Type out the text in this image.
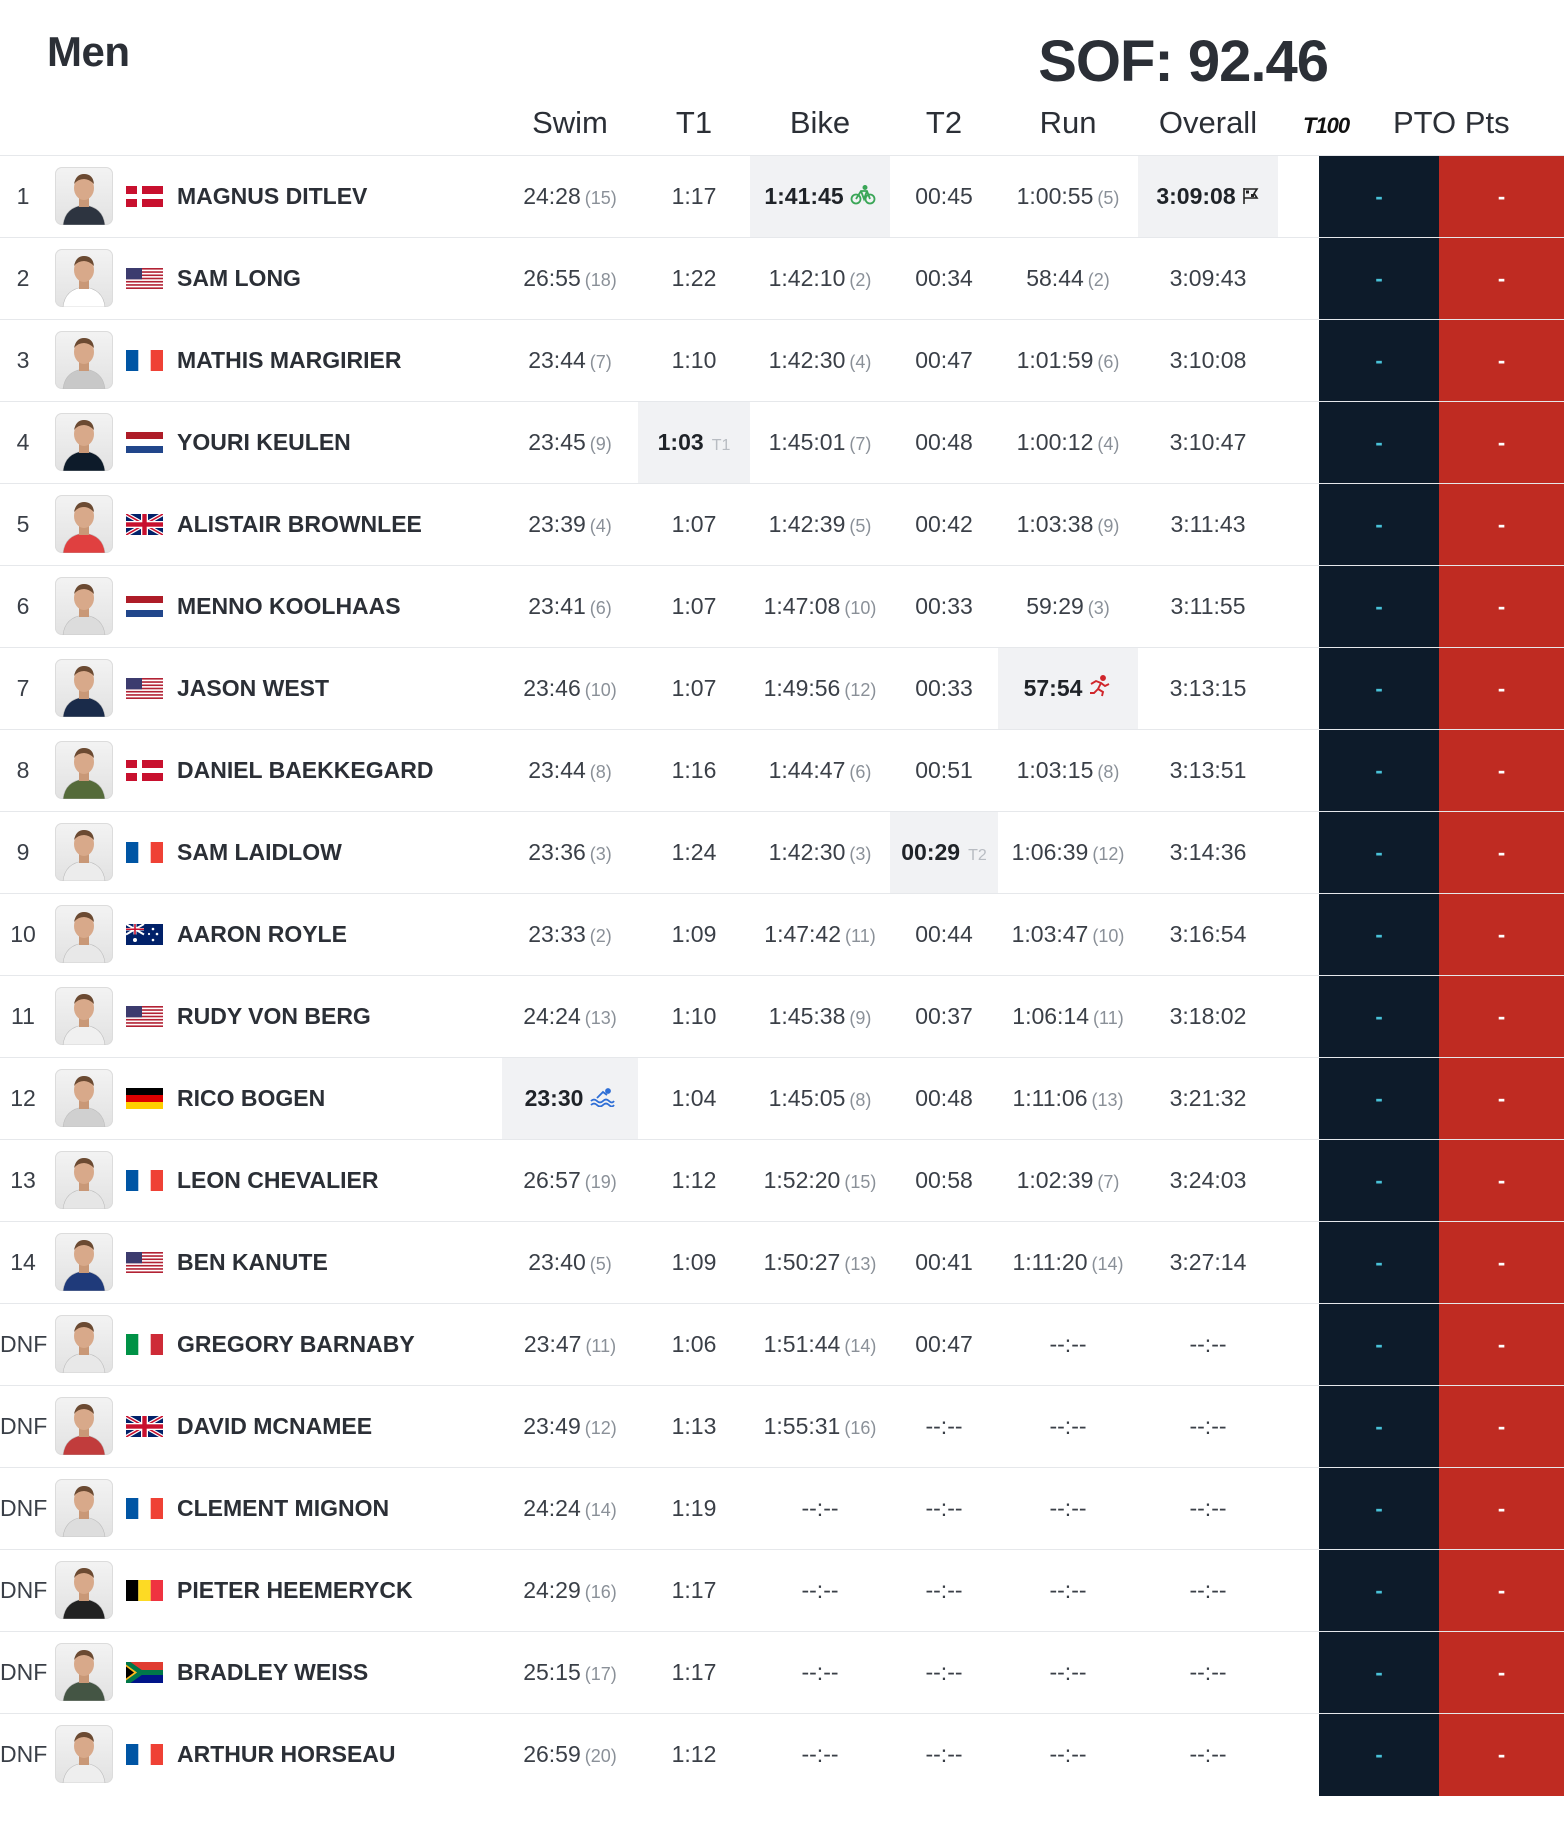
Men	SOF: 92.46
Swim	T1	Bike	T2	Run	Overall	T100 PTO Pts
1	MAGNUS DITLEV	24:28 (15)	1:17	1:41:45	00:45	1:00:55 (5)	3:09:08	-	-
2	SAM LONG	26:55 (18)	1:22	1:42:10 (2)	00:34	58:44 (2)	3:09:43	-	-
3	MATHIS MARGIRIER	23:44 (7)	1:10	1:42:30 (4)	00:47	1:01:59 (6)	3:10:08	-	-
4	YOURI KEULEN	23:45 (9)	1:03 T1	1:45:01 (7)	00:48	1:00:12 (4)	3:10:47	-	-
5	ALISTAIR BROWNLEE	23:39 (4)	1:07	1:42:39 (5)	00:42	1:03:38 (9)	3:11:43	-	-
6	MENNO KOOLHAAS	23:41 (6)	1:07	1:47:08 (10)	00:33	59:29 (3)	3:11:55	-	-
7	JASON WEST	23:46 (10)	1:07	1:49:56 (12)	00:33	57:54	3:13:15	-	-
8	DANIEL BAEKKEGARD	23:44 (8)	1:16	1:44:47 (6)	00:51	1:03:15 (8)	3:13:51	-	-
9	SAM LAIDLOW	23:36 (3)	1:24	1:42:30 (3)	00:29 T2	1:06:39 (12)	3:14:36	-	-
10	AARON ROYLE	23:33 (2)	1:09	1:47:42 (11)	00:44	1:03:47 (10)	3:16:54	-	-
11	RUDY VON BERG	24:24 (13)	1:10	1:45:38 (9)	00:37	1:06:14 (11)	3:18:02	-	-
12	RICO BOGEN	23:30	1:04	1:45:05 (8)	00:48	1:11:06 (13)	3:21:32	-	-
13	LEON CHEVALIER	26:57 (19)	1:12	1:52:20 (15)	00:58	1:02:39 (7)	3:24:03	-	-
14	BEN KANUTE	23:40 (5)	1:09	1:50:27 (13)	00:41	1:11:20 (14)	3:27:14	-	-
DNF	GREGORY BARNABY	23:47 (11)	1:06	1:51:44 (14)	00:47	--:--	--:--	-	-
DNF	DAVID MCNAMEE	23:49 (12)	1:13	1:55:31 (16)	--:--	--:--	--:--	-	-
DNF	CLEMENT MIGNON	24:24 (14)	1:19	--:--	--:--	--:--	--:--	-	-
DNF	PIETER HEEMERYCK	24:29 (16)	1:17	--:--	--:--	--:--	--:--	-	-
DNF	BRADLEY WEISS	25:15 (17)	1:17	--:--	--:--	--:--	--:--	-	-
DNF	ARTHUR HORSEAU	26:59 (20)	1:12	--:--	--:--	--:--	--:--	-	-
